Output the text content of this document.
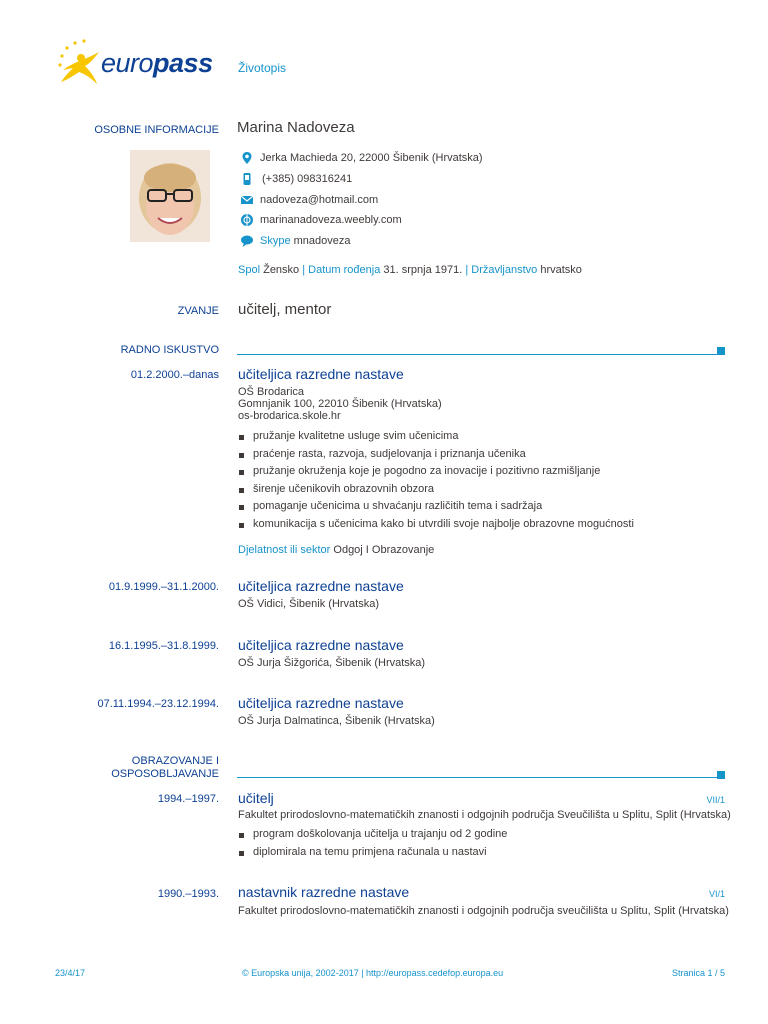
europass Životopis
OSOBNE INFORMACIJE Marina Nadoveza
Jerka Machieda 20, 22000 Šibenik (Hrvatska)
(+385) 098316241
nadoveza@hotmail.com
marinanadoveza.weebly.com
Skype mnadoveza
Spol Žensko | Datum rođenja 31. srpnja 1971. | Državljanstvo hrvatsko
ZVANJE učitelj, mentor
RADNO ISKUSTVO
01.2.2000.–danas učiteljica razredne nastave
OŠ Brodarica
Gomnjanik 100, 22010 Šibenik (Hrvatska)
os-brodarica.skole.hr
pružanje kvalitetne usluge svim učenicima
praćenje rasta, razvoja, sudjelovanja i priznanja učenika
pružanje okruženja koje je pogodno za inovacije i pozitivno razmišljanje
širenje učenikovih obrazovnih obzora
pomaganje učenicima u shvaćanju različitih tema i sadržaja
komunikacija s učenicima kako bi utvrdili svoje najbolje obrazovne mogućnosti
Djelatnost ili sektor Odgoj I Obrazovanje
01.9.1999.–31.1.2000. učiteljica razredne nastave
OŠ Vidici, Šibenik (Hrvatska)
16.1.1995.–31.8.1999. učiteljica razredne nastave
OŠ Jurja Šižgorića, Šibenik (Hrvatska)
07.11.1994.–23.12.1994. učiteljica razredne nastave
OŠ Jurja Dalmatinca, Šibenik (Hrvatska)
OBRAZOVANJE I
OSPOSOBLJAVANJE
1994.–1997. učitelj	VII/1
Fakultet prirodoslovno-matematičkih znanosti i odgojnih područja Sveučilišta u Splitu, Split (Hrvatska)
program doškolovanja učitelja u trajanju od 2 godine
diplomirala na temu primjena računala u nastavi
1990.–1993. nastavnik razredne nastave	VI/1
Fakultet prirodoslovno-matematičkih znanosti i odgojnih područja sveučilišta u Splitu, Split (Hrvatska)
23/4/17	© Europska unija, 2002-2017 | http://europass.cedefop.europa.eu	Stranica 1 / 5
